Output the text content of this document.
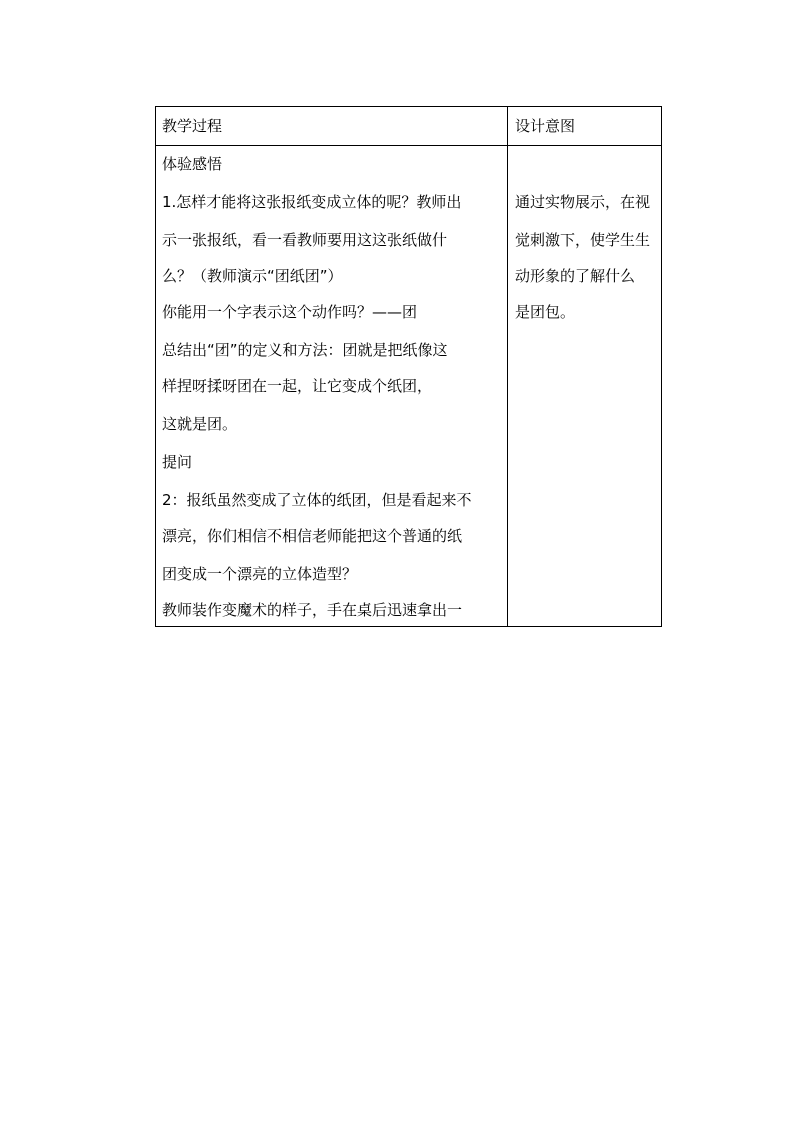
教学过程	设计意图
体验感悟
1.怎样才能将这张报纸变成立体的呢？教师出
示一张报纸，看一看教师要用这这张纸做什
么？（教师演示“团纸团”）
你能用一个字表示这个动作吗？——团
总结出“团”的定义和方法：团就是把纸像这
样捏呀揉呀团在一起，让它变成个纸团，
这就是团。
提问
2：报纸虽然变成了立体的纸团，但是看起来不
漂亮，你们相信不相信老师能把这个普通的纸
团变成一个漂亮的立体造型？
教师装作变魔术的样子，手在桌后迅速拿出一
通过实物展示，在视
觉刺激下，使学生生
动形象的了解什么
是团包。
